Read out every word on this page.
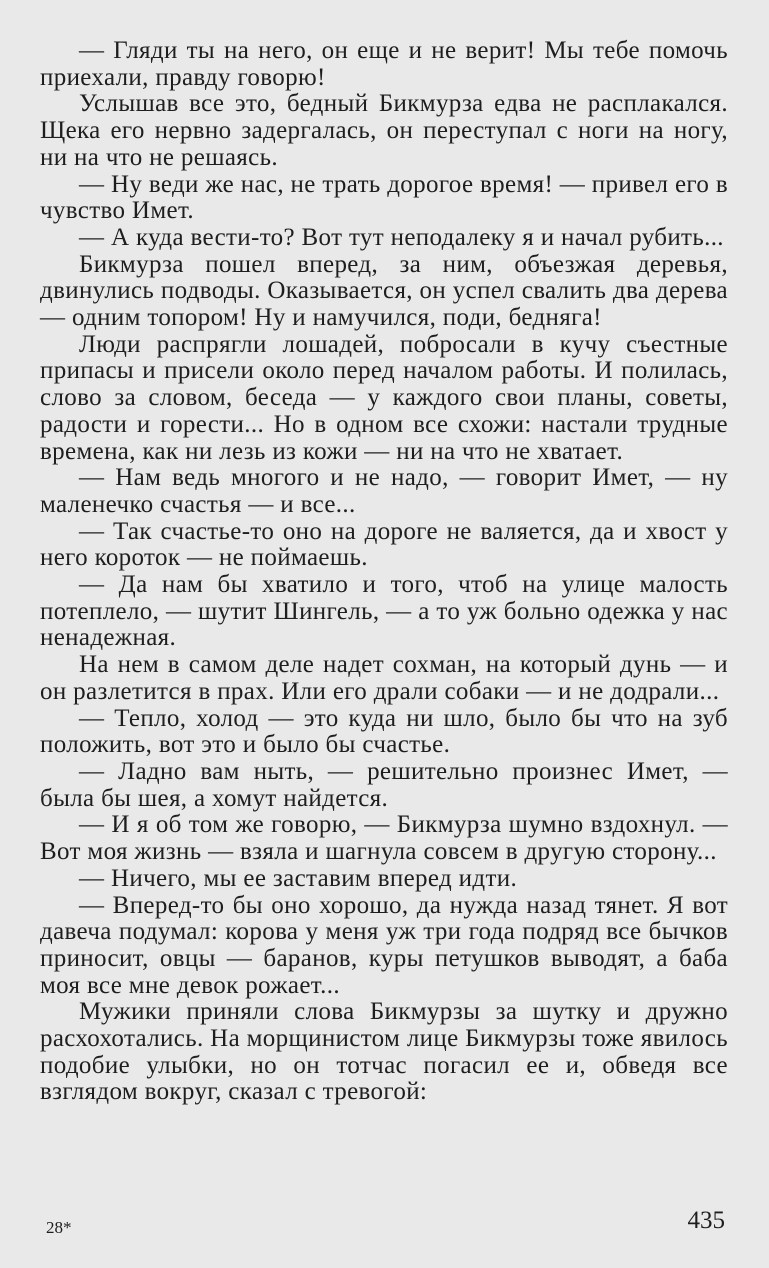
— Гляди ты на него, он еще и не верит! Мы тебе помочь приехали, правду говорю!

Услышав все это, бедный Бикмурза едва не расплакался. Щека его нервно задергалась, он переступал с ноги на ногу, ни на что не решаясь.

— Ну веди же нас, не трать дорогое время! — привел его в чувство Имет.

— А куда вести-то? Вот тут неподалеку я и начал рубить...

Бикмурза пошел вперед, за ним, объезжая деревья, двинулись подводы. Оказывается, он успел свалить два дерева — одним топором! Ну и намучился, поди, бедняга!

Люди распрягли лошадей, побросали в кучу съестные припасы и присели около перед началом работы. И полилась, слово за словом, беседа — у каждого свои планы, советы, радости и горести... Но в одном все схожи: настали трудные времена, как ни лезь из кожи — ни на что не хватает.

— Нам ведь многого и не надо, — говорит Имет, — ну маленечко счастья — и все...

— Так счастье-то оно на дороге не валяется, да и хвост у него короток — не поймаешь.

— Да нам бы хватило и того, чтоб на улице малость потеплело, — шутит Шингель, — а то уж больно одежка у нас ненадежная.

На нем в самом деле надет сохман, на который дунь — и он разлетится в прах. Или его драли собаки — и не додрали...

— Тепло, холод — это куда ни шло, было бы что на зуб положить, вот это и было бы счастье.

— Ладно вам ныть, — решительно произнес Имет, — была бы шея, а хомут найдется.

— И я об том же говорю, — Бикмурза шумно вздохнул. — Вот моя жизнь — взяла и шагнула совсем в другую сторону...

— Ничего, мы ее заставим вперед идти.

— Вперед-то бы оно хорошо, да нужда назад тянет. Я вот давеча подумал: корова у меня уж три года подряд все бычков приносит, овцы — баранов, куры петушков выводят, а баба моя все мне девок рожает...

Мужики приняли слова Бикмурзы за шутку и дружно расхохотались. На морщинистом лице Бикмурзы тоже явилось подобие улыбки, но он тотчас погасил ее и, обведя все взглядом вокруг, сказал с тревогой:

28*	435
